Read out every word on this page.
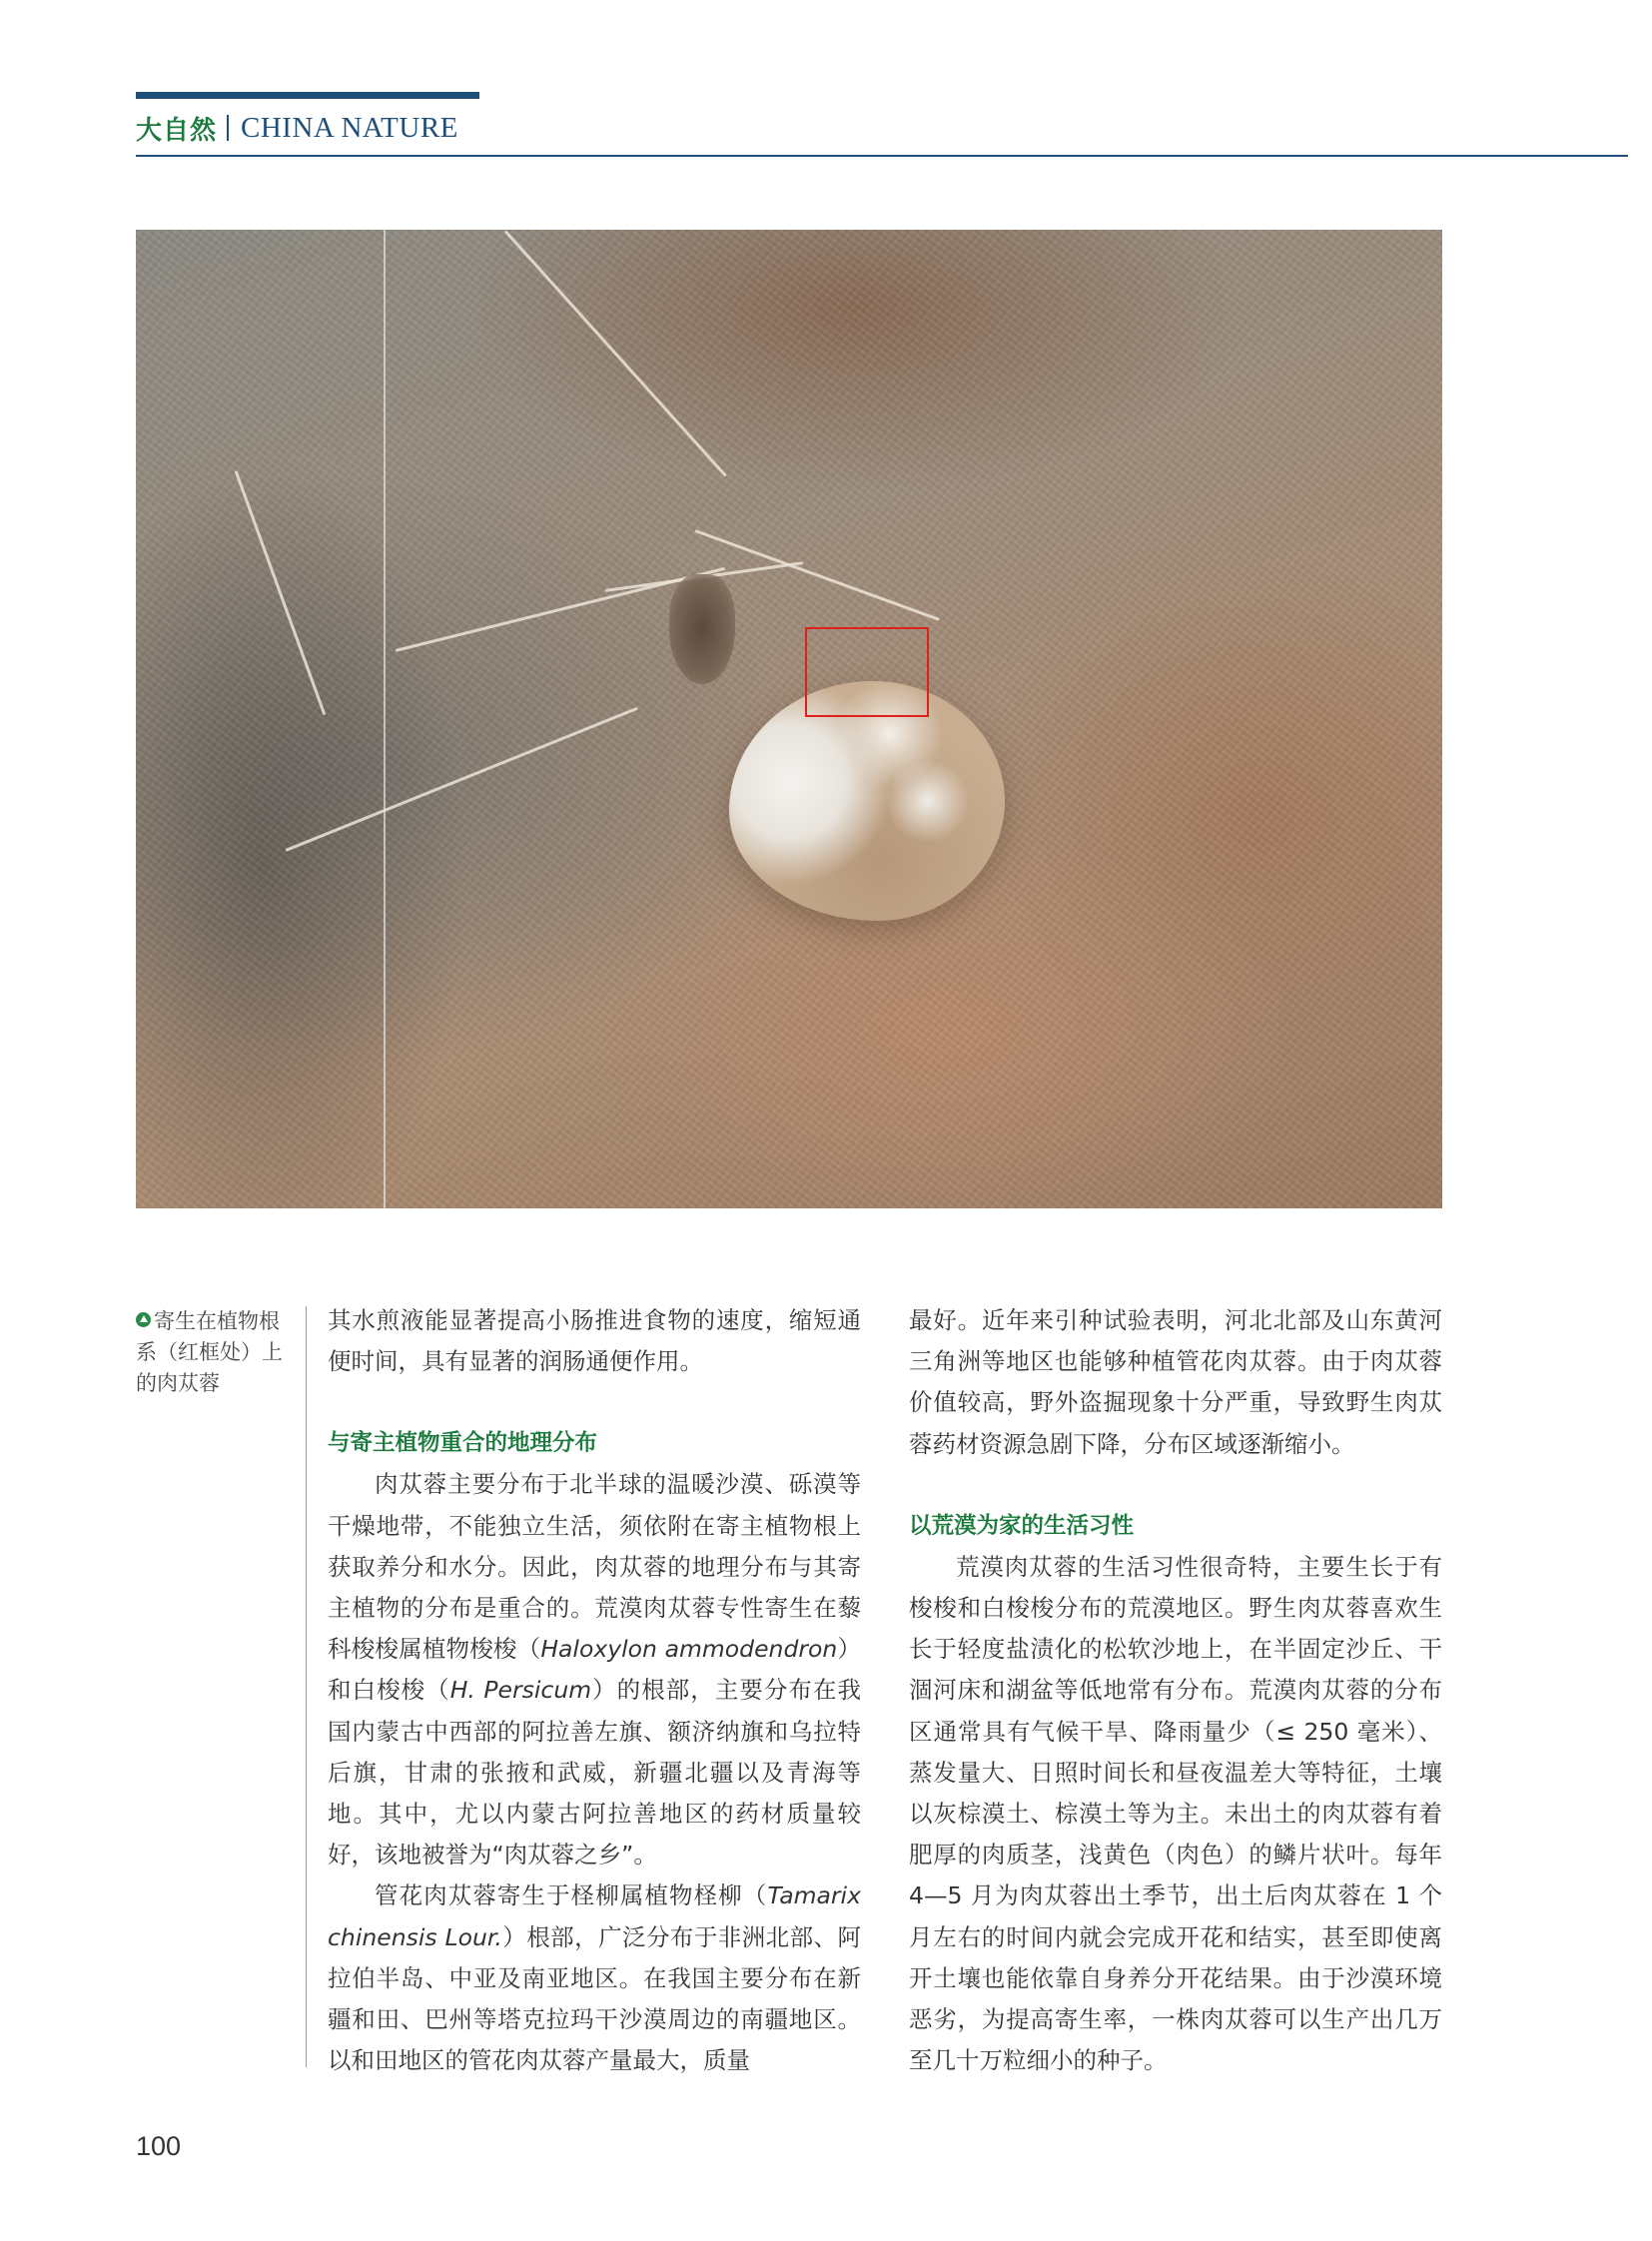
大自然 CHINA NATURE
寄生在植物根系（红框处）上的肉苁蓉

其水煎液能显著提高小肠推进食物的速度，缩短通便时间，具有显著的润肠通便作用。

与寄主植物重合的地理分布

肉苁蓉主要分布于北半球的温暖沙漠、砾漠等干燥地带，不能独立生活，须依附在寄主植物根上获取养分和水分。因此，肉苁蓉的地理分布与其寄主植物的分布是重合的。荒漠肉苁蓉专性寄生在藜科梭梭属植物梭梭（Haloxylon ammodendron）和白梭梭（H. Persicum）的根部，主要分布在我国内蒙古中西部的阿拉善左旗、额济纳旗和乌拉特后旗，甘肃的张掖和武威，新疆北疆以及青海等地。其中，尤以内蒙古阿拉善地区的药材质量较好，该地被誉为“肉苁蓉之乡”。

管花肉苁蓉寄生于柽柳属植物柽柳（Tamarix chinensis Lour.）根部，广泛分布于非洲北部、阿拉伯半岛、中亚及南亚地区。在我国主要分布在新疆和田、巴州等塔克拉玛干沙漠周边的南疆地区。以和田地区的管花肉苁蓉产量最大，质量

最好。近年来引种试验表明，河北北部及山东黄河三角洲等地区也能够种植管花肉苁蓉。由于肉苁蓉价值较高，野外盗掘现象十分严重，导致野生肉苁蓉药材资源急剧下降，分布区域逐渐缩小。

以荒漠为家的生活习性

荒漠肉苁蓉的生活习性很奇特，主要生长于有梭梭和白梭梭分布的荒漠地区。野生肉苁蓉喜欢生长于轻度盐渍化的松软沙地上，在半固定沙丘、干涸河床和湖盆等低地常有分布。荒漠肉苁蓉的分布区通常具有气候干旱、降雨量少（≤ 250 毫米）、蒸发量大、日照时间长和昼夜温差大等特征，土壤以灰棕漠土、棕漠土等为主。未出土的肉苁蓉有着肥厚的肉质茎，浅黄色（肉色）的鳞片状叶。每年 4—5 月为肉苁蓉出土季节，出土后肉苁蓉在 1 个月左右的时间内就会完成开花和结实，甚至即使离开土壤也能依靠自身养分开花结果。由于沙漠环境恶劣，为提高寄生率，一株肉苁蓉可以生产出几万至几十万粒细小的种子。

100
